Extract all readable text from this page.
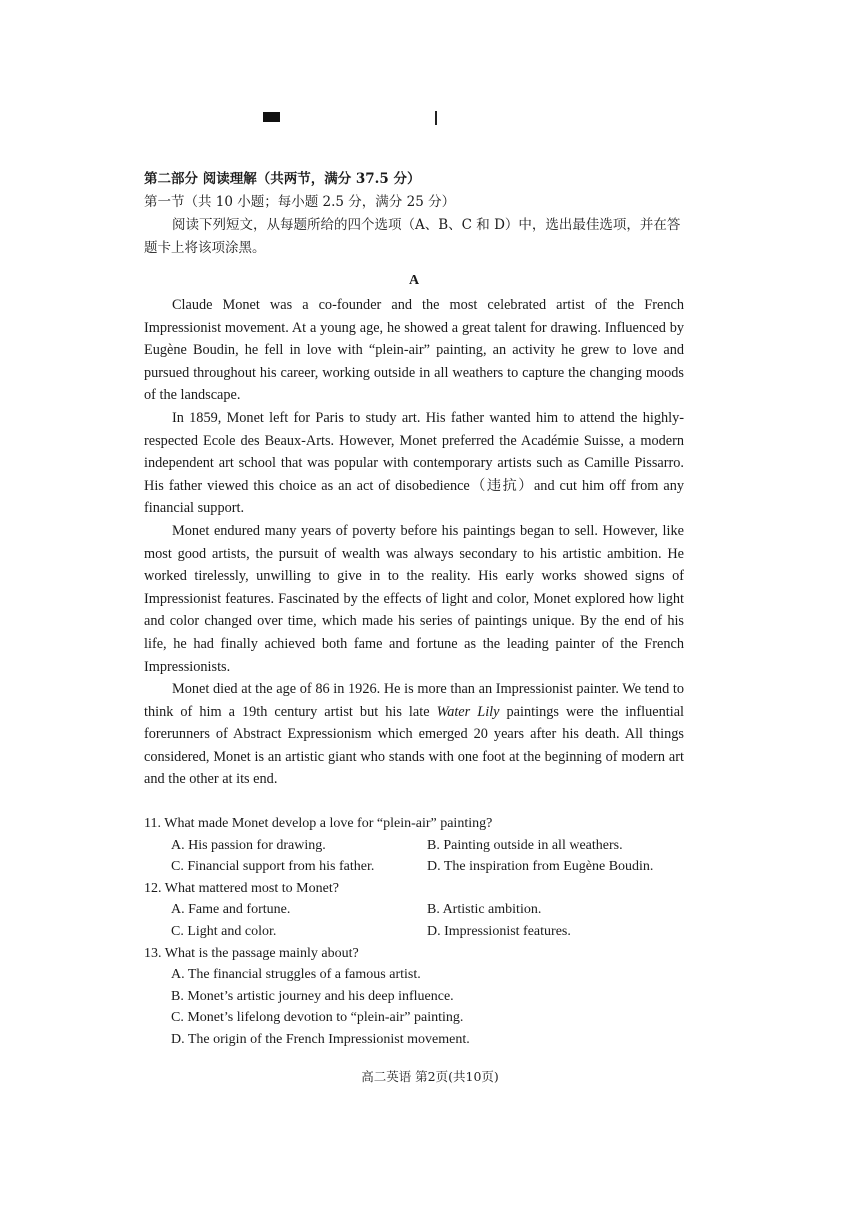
第二部分 阅读理解（共两节，满分 37.5 分）
第一节（共 10 小题；每小题 2.5 分，满分 25 分）
阅读下列短文，从每题所给的四个选项（A、B、C 和 D）中，选出最佳选项，并在答题卡上将该项涂黑。
A

Claude Monet was a co-founder and the most celebrated artist of the French Impressionist movement. At a young age, he showed a great talent for drawing. Influenced by Eugène Boudin, he fell in love with “plein-air” painting, an activity he grew to love and pursued throughout his career, working outside in all weathers to capture the changing moods of the landscape.

In 1859, Monet left for Paris to study art. His father wanted him to attend the highly-respected Ecole des Beaux-Arts. However, Monet preferred the Académie Suisse, a modern independent art school that was popular with contemporary artists such as Camille Pissarro. His father viewed this choice as an act of disobedience（违抗）and cut him off from any financial support.

Monet endured many years of poverty before his paintings began to sell. However, like most good artists, the pursuit of wealth was always secondary to his artistic ambition. He worked tirelessly, unwilling to give in to the reality. His early works showed signs of Impressionist features. Fascinated by the effects of light and color, Monet explored how light and color changed over time, which made his series of paintings unique. By the end of his life, he had finally achieved both fame and fortune as the leading painter of the French Impressionists.

Monet died at the age of 86 in 1926. He is more than an Impressionist painter. We tend to think of him a 19th century artist but his late Water Lily paintings were the influential forerunners of Abstract Expressionism which emerged 20 years after his death. All things considered, Monet is an artistic giant who stands with one foot at the beginning of modern art and the other at its end.

11. What made Monet develop a love for “plein-air” painting?
A. His passion for drawing.	B. Painting outside in all weathers.
C. Financial support from his father.	D. The inspiration from Eugène Boudin.
12. What mattered most to Monet?
A. Fame and fortune.	B. Artistic ambition.
C. Light and color.	D. Impressionist features.
13. What is the passage mainly about?
A. The financial struggles of a famous artist.
B. Monet’s artistic journey and his deep influence.
C. Monet’s lifelong devotion to “plein-air” painting.
D. The origin of the French Impressionist movement.
高二英语 第2页(共10页)
